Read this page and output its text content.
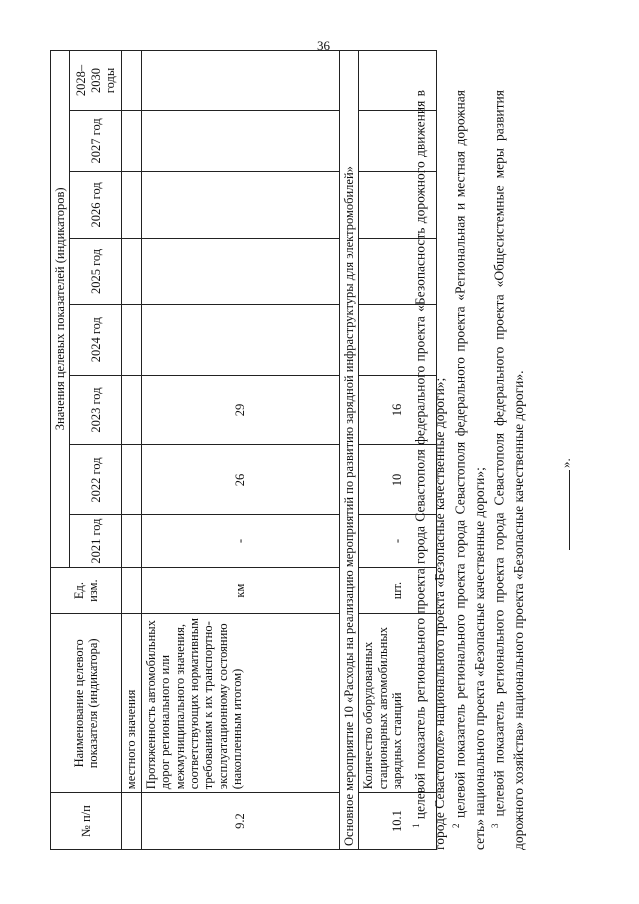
36
№ п/п	Наименование целевого показателя (индикатора)	Ед. изм.	Значения целевых показателей (индикаторов)							
			2021 год	2022 год	2023 год	2024 год	2025 год	2026 год	2027 год	2028–2030 годы
	местного значения									
9.2	Протяженность автомобильных дорог регионального или межмуниципального значения, соответствующих нормативным требованиям к их транспортно-эксплуатационному состоянию (накопленным итогом)	км	-	26	29					
Основное мероприятие 10 «Расходы на реализацию мероприятий по развитию зарядной инфраструктуры для электромобилей»										
10.1	Количество оборудованных стационарных автомобильных зарядных станций	шт.	-	10	16					

$^1$ целевой показатель регионального проекта города Севастополя федерального проекта «Безопасность дорожного движения в городе Севастополе» национального проекта «Безопасные качественные дороги»; $^2$ целевой показатель регионального проекта города Севастополя федерального проекта «Региональная и местная дорожная сеть» национального проекта «Безопасные качественные дороги»; $^3$ целевой показатель регионального проекта города Севастополя федерального проекта «Общесистемные меры развития дорожного хозяйства» национального проекта «Безопасные качественные дороги». ».
